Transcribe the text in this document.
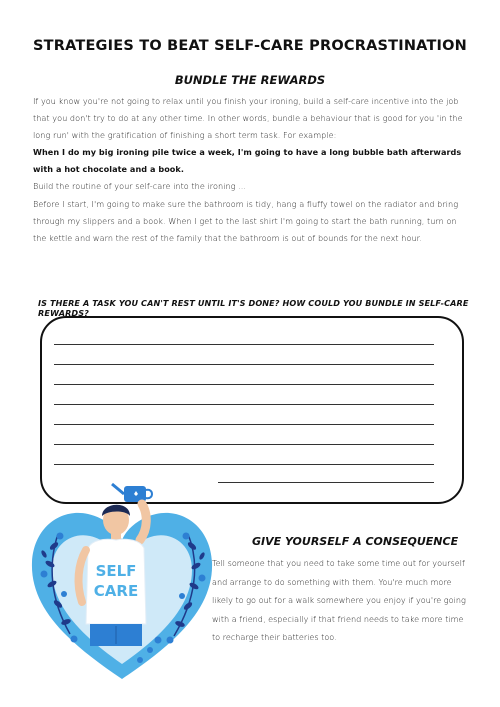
STRATEGIES TO BEAT SELF-CARE PROCRASTINATION
BUNDLE THE REWARDS

If you know you're not going to relax until you finish your ironing, build a self-care incentive into the job that you don't try to do at any other time. In other words, bundle a behaviour that is good for you 'in the long run' with the gratification of finishing a short term task. For example:

When I do my big ironing pile twice a week, I'm going to have a long bubble bath afterwards with a hot chocolate and a book.

Build the routine of your self-care into the ironing ...

Before I start, I'm going to make sure the bathroom is tidy, hang a fluffy towel on the radiator and bring through my slippers and a book. When I get to the last shirt I'm going to start the bath running, turn on the kettle and warn the rest of the family that the bathroom is out of bounds for the next hour.

IS THERE A TASK YOU CAN'T REST UNTIL IT'S DONE? HOW COULD YOU BUNDLE IN SELF-CARE REWARDS?
SELF
CARE
GIVE YOURSELF A CONSEQUENCE
Tell someone that you need to take some time out for yourself and arrange to do something with them. You're much more likely to go out for a walk somewhere you enjoy if you're going with a friend, especially if that friend needs to take more time to recharge their batteries too.
